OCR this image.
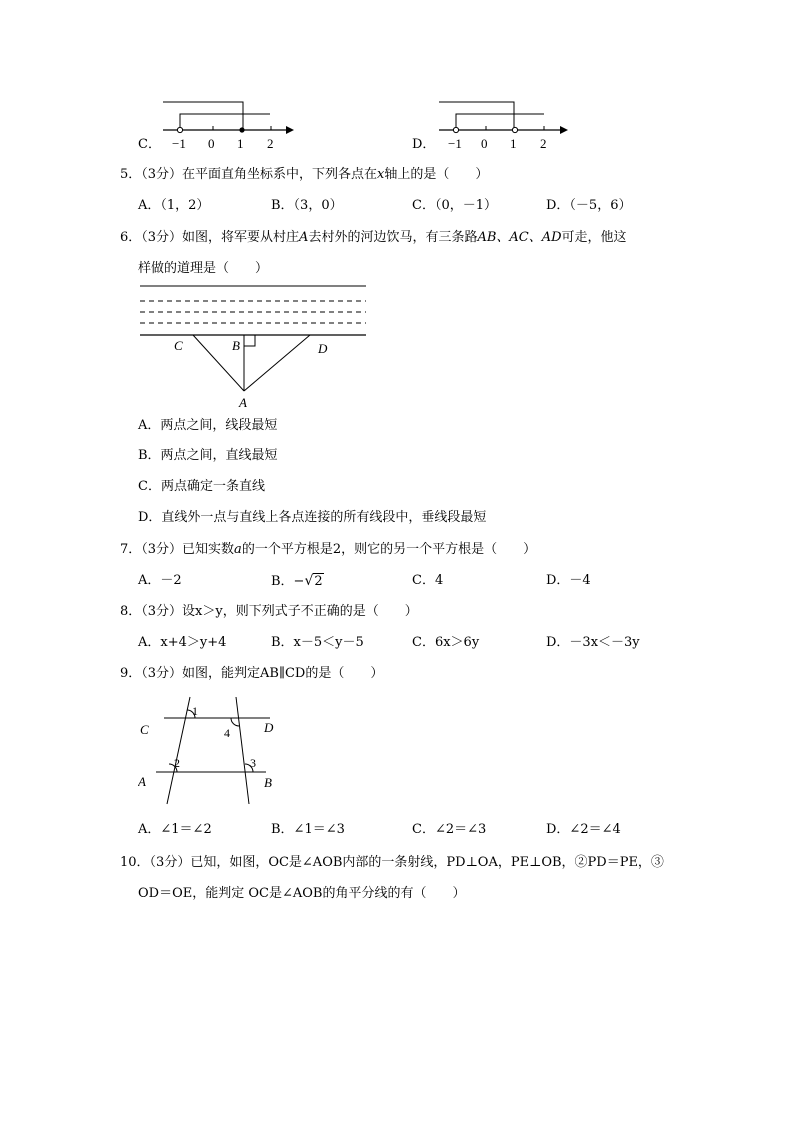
C． −1 0 1 2	D． −1 0 1 2
5．（3分）在平面直角坐标系中，下列各点在x轴上的是（　　）
A．（1，2）	B．（3，0）	C．（0，－1）	D．（－5，6）
6．（3分）如图，将军要从村庄A去村外的河边饮马，有三条路AB、AC、AD可走，他这
样做的道理是（　　）
C	B	D
A
A．两点之间，线段最短
B．两点之间，直线最短
C．两点确定一条直线
D．直线外一点与直线上各点连接的所有线段中，垂线段最短
7．（3分）已知实数a的一个平方根是2，则它的另一个平方根是（　　）
A．－2	B．−√2	C．4	D．－4
8．（3分）设x＞y，则下列式子不正确的是（　　）
A．x+4＞y+4	B．x－5＜y－5	C．6x＞6y	D．－3x＜－3y
9．（3分）如图，能判定AB∥CD的是（　　）
C	D
A	B
1
2	3
4
A．∠1＝∠2	B．∠1＝∠3	C．∠2＝∠3	D．∠2＝∠4
10．（3分）已知，如图，OC是∠AOB内部的一条射线，PD⊥OA，PE⊥OB，②PD＝PE，③
OD＝OE，能判定 OC是∠AOB的角平分线的有（　　）
